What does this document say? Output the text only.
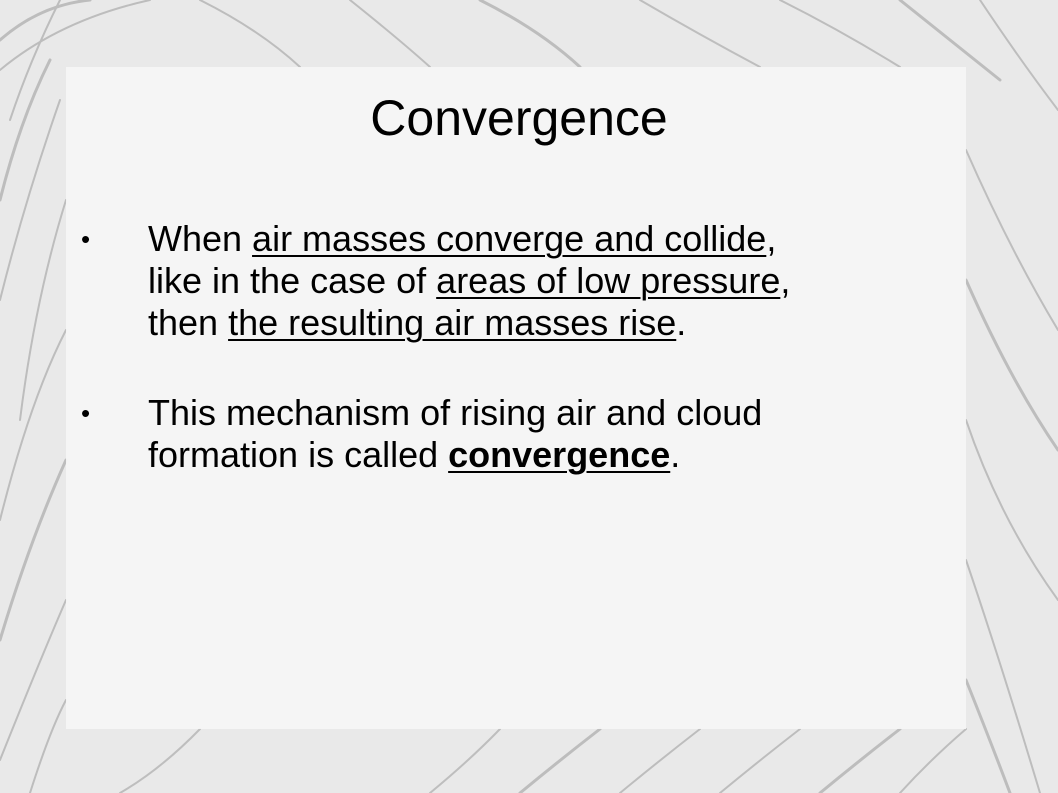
Convergence
• When air masses converge and collide,
like in the case of areas of low pressure,
then the resulting air masses rise.
• This mechanism of rising air and cloud
formation is called convergence.
